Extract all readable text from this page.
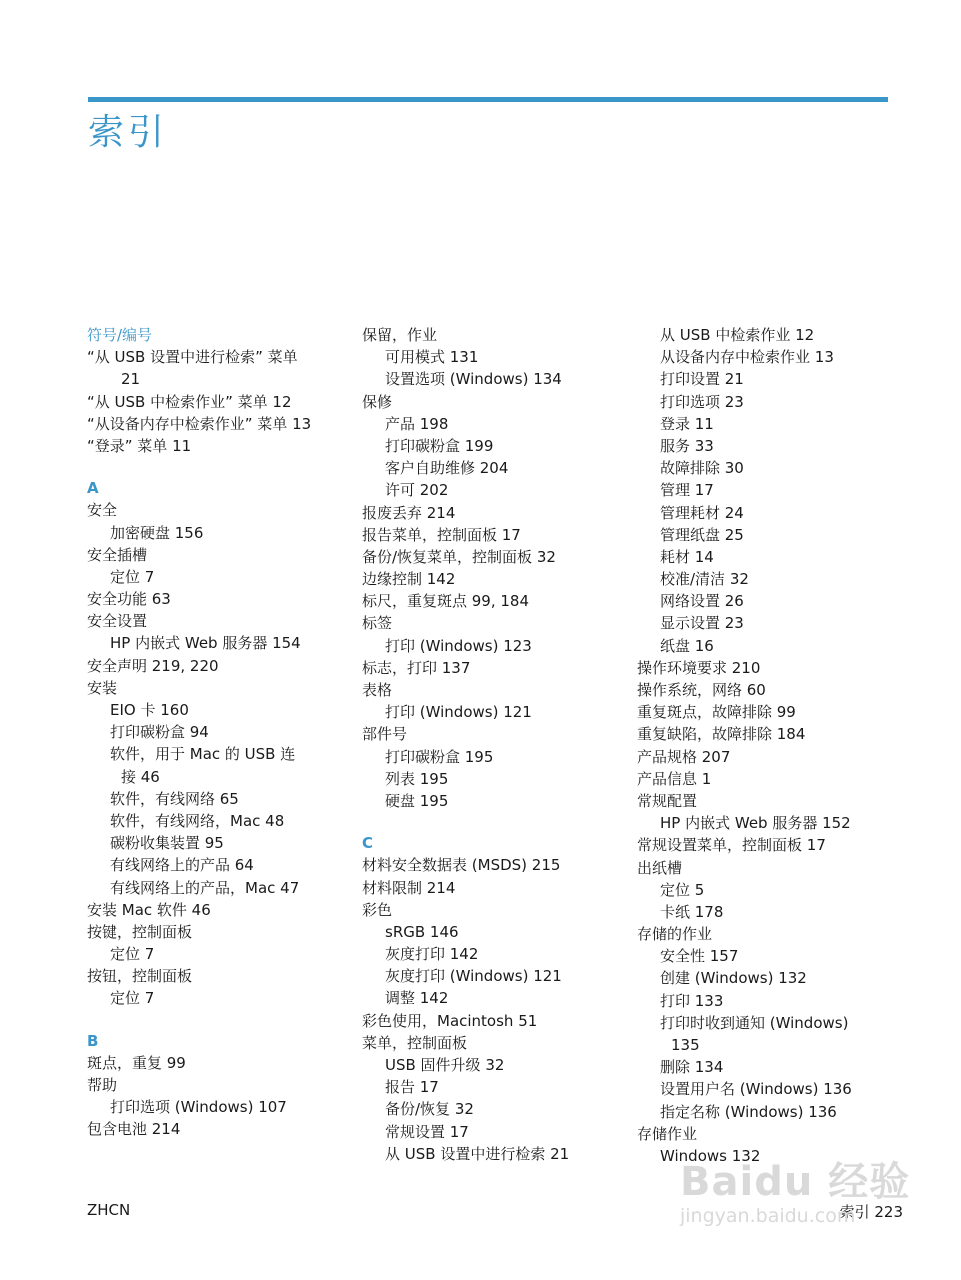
索引
符号/编号
“从 USB 设置中进行检索” 菜单
21
“从 USB 中检索作业” 菜单 12
“从设备内存中检索作业” 菜单 13
“登录” 菜单 11
A
安全
加密硬盘 156
安全插槽
定位 7
安全功能 63
安全设置
HP 内嵌式 Web 服务器 154
安全声明 219, 220
安装
EIO 卡 160
打印碳粉盒 94
软件，用于 Mac 的 USB 连
接 46
软件，有线网络 65
软件，有线网络，Mac 48
碳粉收集装置 95
有线网络上的产品 64
有线网络上的产品，Mac 47
安装 Mac 软件 46
按键，控制面板
定位 7
按钮，控制面板
定位 7
B
斑点，重复 99
帮助
打印选项 (Windows) 107
包含电池 214
保留，作业
可用模式 131
设置选项 (Windows) 134
保修
产品 198
打印碳粉盒 199
客户自助维修 204
许可 202
报废丢弃 214
报告菜单，控制面板 17
备份/恢复菜单，控制面板 32
边缘控制 142
标尺，重复斑点 99, 184
标签
打印 (Windows) 123
标志，打印 137
表格
打印 (Windows) 121
部件号
打印碳粉盒 195
列表 195
硬盘 195
C
材料安全数据表 (MSDS) 215
材料限制 214
彩色
sRGB 146
灰度打印 142
灰度打印 (Windows) 121
调整 142
彩色使用，Macintosh 51
菜单，控制面板
USB 固件升级 32
报告 17
备份/恢复 32
常规设置 17
从 USB 设置中进行检索 21
从 USB 中检索作业 12
从设备内存中检索作业 13
打印设置 21
打印选项 23
登录 11
服务 33
故障排除 30
管理 17
管理耗材 24
管理纸盘 25
耗材 14
校准/清洁 32
网络设置 26
显示设置 23
纸盘 16
操作环境要求 210
操作系统，网络 60
重复斑点，故障排除 99
重复缺陷，故障排除 184
产品规格 207
产品信息 1
常规配置
HP 内嵌式 Web 服务器 152
常规设置菜单，控制面板 17
出纸槽
定位 5
卡纸 178
存储的作业
安全性 157
创建 (Windows) 132
打印 133
打印时收到通知 (Windows)
135
删除 134
设置用户名 (Windows) 136
指定名称 (Windows) 136
存储作业
Windows 132
ZHCN	索引 223
Baidu 经验
jingyan.baidu.com
